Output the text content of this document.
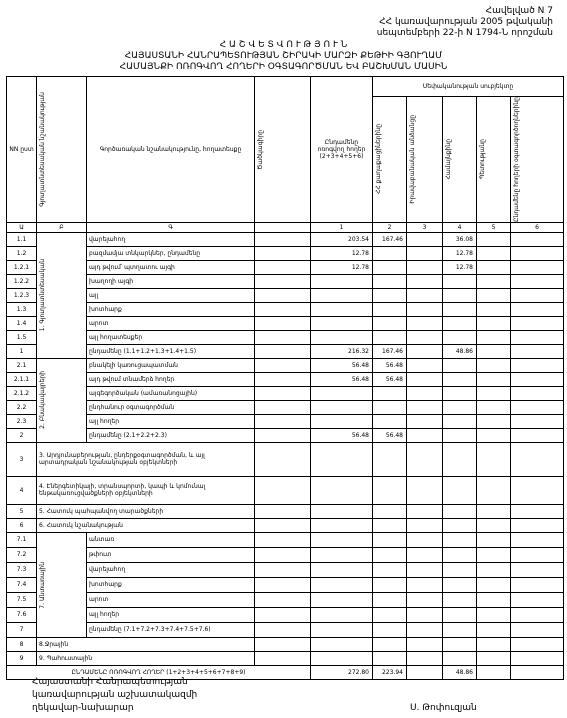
Հավելված N 7
ՀՀ կառավարության 2005 թվականի
սեպտեմբերի 22-ի N 1794-Ն որոշման
Հ Ա Շ Վ Ե Տ Վ Ո Ւ Թ Յ Ո Ւ Ն
ՀԱՅԱՍՏԱՆԻ ՀԱՆՐԱՊԵՏՈՒԹՅԱՆ ՇԻՐԱԿԻ ՄԱՐԶԻ ՔԵԹԻԻ ԳՅՈՒՂԱՄ
ՀԱՄԱՅՆՔԻ ՈՌՈԳՎՈՂ ՀՈՂԵՐԻ ՕԳՏԱԳՈՐԾՄԱՆ ԵՎ ԲԱՇԽՄԱՆ ՄԱՍԻՆ
NN ըստ	Գյուղատնտեսական նշանակության	Գործառական նշանակությունը, հողատեսքը	Ծածկագիրը	Ընդամենը ոռոգվող հողեր (2+3+4+5+6)	Սեփականության սուբյեկտը				

					ՀՀ քաղաքացիներինը	Իրավաբանական անձանցը	Համայնքինը	Պետությանը	Ընդամենը հողերի օգտագործողներինը

Ա	Բ	Գ		1	2	3	4	5	6
1.1	1. Գյուղատնտեսական	վարելահող		203.54	167.46		36.08		
1.2		բազմամյա տնկարկներ, ընդամենը		12.78			12.78		
1.2.1		այդ թվում՝ պտղատու այգի		12.78			12.78		
1.2.2		խաղողի այգի							
1.2.3		այլ							
1.3		խոտհարք							
1.4		արոտ							
1.5		այլ հողատեսքեր							
1		ընդամենը (1.1+1.2+1.3+1.4+1.5)		216.32	167.46		48.86		
2.1	2. Բնակավայրերի	բնակելի կառուցապատման		56.48	56.48				
2.1.1		այդ թվում տնամերձ հողեր		56.48	56.48				
2.1.2		այգեգործական (ամառանոցային)							
2.2		ընդհանուր օգտագործման							
2.3		այլ հողեր							
2		ընդամենը (2.1+2.2+2.3)		56.48	56.48				
3	3. Արդյունաբերության, ընդերքօգտագործման, և այլ արտադրական նշանակության օբյեկտների								
4	4. Էներգետիկայի, տրանսպորտի, կապի և կոմունալ ենթակառուցվածքների օբյեկտների								
5	5. Հատուկ պահպանվող տարածքների								
6	6. Հատուկ նշանակության								
7.1	7. Անտառային	անտառ							
7.2		թփուտ							
7.3		վարելահող							
7.4		խոտհարք							
7.5		արոտ							
7.6		այլ հողեր							
7		ընդամենը (7.1+7.2+7.3+7.4+7.5+7.6)							
8	8.Ջրային								
9	9. Պահուստային								
ԸՆԴԱՄԵՆԸ ՈՌՈԳՎՈՂ ՀՈՂԵՐ (1+2+3+4+5+6+7+8+9)				272.80	223.94		48.86		
Հայաստանի Հանրապետության
կառավարության աշխատակազմի
ղեկավար-նախարար	Ս. Թոփուզյան
